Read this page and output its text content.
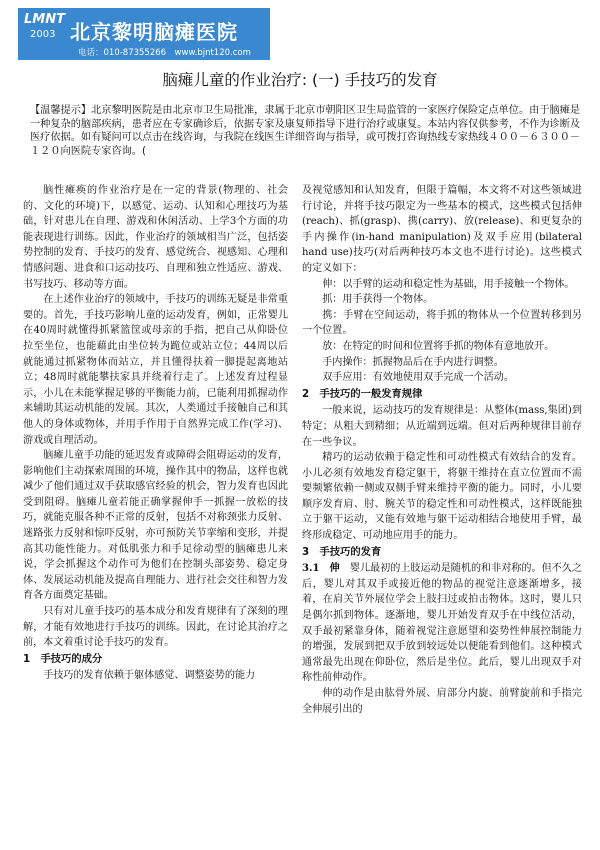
LMNT
2003 北京黎明脑瘫医院
电话：010-87355266　www.bjnt120.com
脑瘫儿童的作业治疗: (一) 手技巧的发育
【温馨提示】北京黎明医院是由北京市卫生局批准，隶属于北京市朝阳区卫生局监管的一家医疗保险定点单位。由于脑瘫是一种复杂的脑部疾病，患者应在专家确诊后，依据专家及康复师指导下进行治疗或康复。本站内容仅供参考，不作为诊断及医疗依据。如有疑问可以点击在线咨询，与我院在线医生详细咨询与指导，或可拨打咨询热线专家热线４００－６３００－１２０向医院专家咨询。(

脑性瘫痪的作业治疗是在一定的背景(物理的、社会的、文化的环境)下，以感觉、运动、认知和心理技巧为基础，针对患儿在自理、游戏和休闲活动、上学3个方面的功能表现进行训练。因此，作业治疗的领域相当广泛，包括姿势控制的发育、手技巧的发育、感觉统合、视感知、心理和情感问题、进食和口运动技巧、自理和独立性适应、游戏、书写技巧、移动等方面。

在上述作业治疗的领域中，手技巧的训练无疑是非常重要的。首先，手技巧影响儿童的运动发育，例如，正常婴儿在40周时就懂得抓紧篮筐或母亲的手指，把自己从仰卧位拉至坐位，也能藉此由坐位转为跪位或站立位；44周以后就能通过抓紧物体而站立，并且懂得扶着一脚提起离地站立；48周时就能攀扶家具并绕着行走了。上述发育过程显示，小儿在未能掌握足够的平衡能力前，已能利用抓握动作来辅助其运动机能的发展。其次，人类通过手接触自己和其他人的身体或物体，并用手作用于自然界完成工作(学习)、游戏或自理活动。

脑瘫儿童手功能的延迟发育或障碍会阻碍运动的发育，影响他们主动探索周围的环境，操作其中的物品，这样也就减少了他们通过双手获取感官经验的机会，智力发育也因此受到阻碍。脑瘫儿童若能正确掌握伸手一抓握一放松的技巧，就能克服各种不正常的反射，包括不对称颈张力反射、迷路张力反射和惊吓反射，亦可预防关节挛缩和变形，并提高其功能性能力。对低肌张力和手足徐动型的脑瘫患儿来说，学会抓握这个动作可为他们在控制头部姿势、稳定身体、发展运动机能及提高自理能力、进行社会交往和智力发育各方面奠定基础。

只有对儿童手技巧的基本成分和发育规律有了深刻的理解，才能有效地进行手技巧的训练。因此，在讨论其治疗之前，本文着重讨论手技巧的发育。

1　手技巧的成分

手技巧的发育依赖于躯体感觉、调整姿势的能力

及视觉感知和认知发育，但限于篇幅，本文将不对这些领域进行讨论，并将手技巧限定为一些基本的模式，这些模式包括伸(reach)、抓(grasp)、携(carry)、放(release)、和更复杂的手内操作(in-hand manipulation)及双手应用(bilateral hand use)技巧(对后两种技巧本文也不进行讨论)。这些模式的定义如下：

伸：以手臂的运动和稳定性为基础，用手接触一个物体。

抓：用手获得一个物体。

携：手臂在空间运动，将手抓的物体从一个位置转移到另一个位置。

放：在特定的时间和位置将手抓的物体有意地放开。

手内操作：抓握物品后在手内进行调整。

双手应用：有效地使用双手完成一个活动。

2　手技巧的一般发育规律

一般来说，运动技巧的发育规律是：从整体(mass,集团)到特定；从粗大到精细；从近端到远端。但对后两种规律目前存在一些争议。

精巧的运动依赖于稳定性和可动性模式有效结合的发育。小儿必须有效地发育稳定躯干，将躯干维持在直立位置而不需要频繁依赖一侧或双侧手臂来维持平衡的能力。同时，小儿要顺序发育肩、肘、腕关节的稳定性和可动性模式，这样既能独立于躯干运动，又能有效地与躯干运动相结合地使用手臂，最终形成稳定、可动地应用手的能力。

3　手技巧的发育

3.1　伸　 婴儿最初的上肢运动是随机的和非对称的。但不久之后，婴儿对其双手或接近他的物品的视觉注意逐渐增多，接着，在肩关节外展位学会上肢扫过或拍击物体。这时，婴儿只是偶尔抓到物体。逐渐地，婴儿开始发育双手在中线位活动，双手最初紧靠身体，随着视觉注意愿望和姿势性伸展控制能力的增强，发展到把双手放到较远处以便能看到他们。这种模式通常最先出现在仰卧位，然后是坐位。此后，婴儿出现双手对称性前伸动作。

伸的动作是由肱骨外展、肩部分内旋、前臂旋前和手指完全伸展引出的
